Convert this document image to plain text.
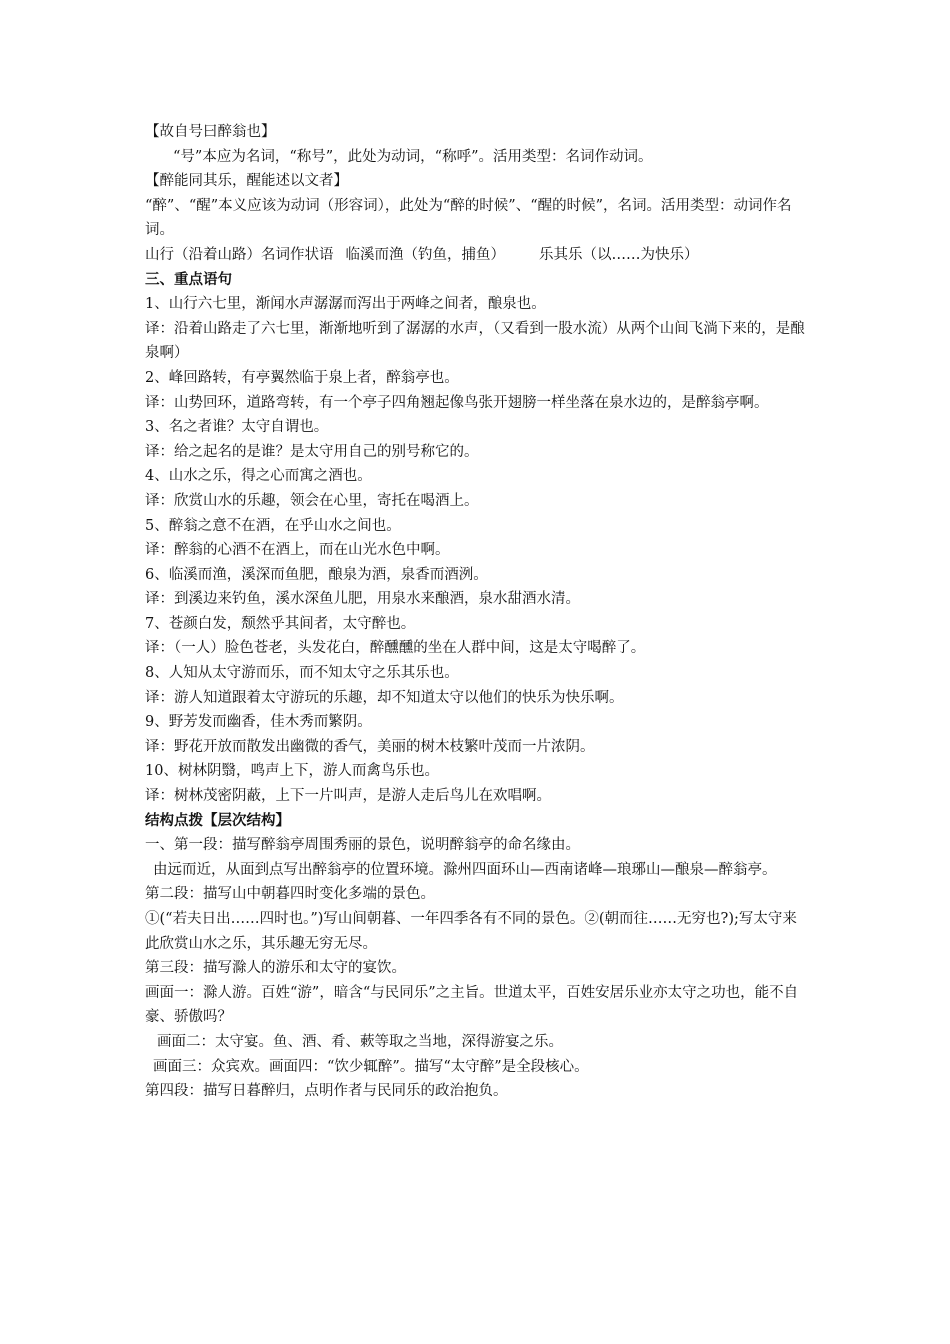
【故自号曰醉翁也】

“号”本应为名词，“称号”，此处为动词，“称呼”。活用类型：名词作动词。

【醉能同其乐，醒能述以文者】

“醉”、“醒”本义应该为动词（形容词），此处为“醉的时候”、“醒的时候”，名词。活用类型：动词作名词。

山行（沿着山路）名词作状语 临溪而渔（钓鱼，捕鱼） 乐其乐（以……为快乐）

三、重点语句

1、山行六七里，渐闻水声潺潺而泻出于两峰之间者，酿泉也。

译：沿着山路走了六七里，渐渐地听到了潺潺的水声，（又看到一股水流）从两个山间飞淌下来的，是酿泉啊）

2、峰回路转，有亭翼然临于泉上者，醉翁亭也。

译：山势回环，道路弯转，有一个亭子四角翘起像鸟张开翅膀一样坐落在泉水边的，是醉翁亭啊。

3、名之者谁？太守自谓也。

译：给之起名的是谁？是太守用自己的别号称它的。

4、山水之乐，得之心而寓之酒也。

译：欣赏山水的乐趣，领会在心里，寄托在喝酒上。

5、醉翁之意不在酒，在乎山水之间也。

译：醉翁的心酒不在酒上，而在山光水色中啊。

6、临溪而渔，溪深而鱼肥，酿泉为酒，泉香而酒洌。

译：到溪边来钓鱼，溪水深鱼儿肥，用泉水来酿酒，泉水甜酒水清。

7、苍颜白发，颓然乎其间者，太守醉也。

译：（一人）脸色苍老，头发花白，醉醺醺的坐在人群中间，这是太守喝醉了。

8、人知从太守游而乐，而不知太守之乐其乐也。

译：游人知道跟着太守游玩的乐趣，却不知道太守以他们的快乐为快乐啊。

9、野芳发而幽香，佳木秀而繁阴。

译：野花开放而散发出幽微的香气，美丽的树木枝繁叶茂而一片浓阴。

10、树林阴翳，鸣声上下，游人而禽鸟乐也。

译：树林茂密阴蔽，上下一片叫声，是游人走后鸟儿在欢唱啊。

结构点拨【层次结构】

一、第一段：描写醉翁亭周围秀丽的景色，说明醉翁亭的命名缘由。

由远而近，从面到点写出醉翁亭的位置环境。滁州四面环山—西南诸峰—琅琊山—酿泉—醉翁亭。

第二段：描写山中朝暮四时变化多端的景色。

①(“若夫日出……四时也。”)写山间朝暮、一年四季各有不同的景色。②(朝而往……无穷也?);写太守来此欣赏山水之乐，其乐趣无穷无尽。

第三段：描写滁人的游乐和太守的宴饮。

画面一：滁人游。百姓“游”，暗含“与民同乐”之主旨。世道太平，百姓安居乐业亦太守之功也，能不自豪、骄傲吗？

画面二：太守宴。鱼、酒、肴、蔌等取之当地，深得游宴之乐。

画面三：众宾欢。画面四：“饮少辄醉”。描写“太守醉”是全段核心。

第四段：描写日暮醉归，点明作者与民同乐的政治抱负。
